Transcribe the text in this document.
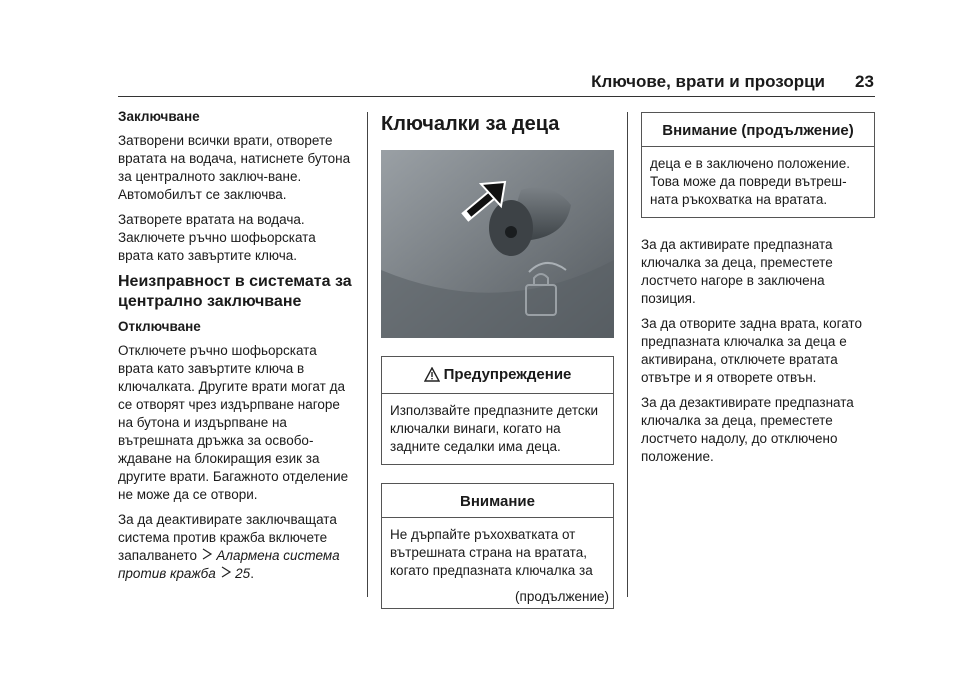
Ключове, врати и прозорци 23
Заключване

Затворени всички врати, отворете вратата на водача, натиснете бутона за централното заключ-ване. Автомобилът се заключва.

Затворете вратата на водача. Заключете ръчно шофьорската врата като завъртите ключа.

Неизправност в системата за централно заключване
Отключване

Отключете ръчно шофьорската врата като завъртите ключа в ключалката. Другите врати могат да се отворят чрез издърпване нагоре на бутона и издърпване на вътрешната дръжка за освобо-ждаване на блокиращия език за другите врати. Багажното отделение не може да се отвори.

За да деактивирате заключващата система против кражба включете запалването Алармена система против кражба 25.

Ключалки за деца
Предупреждение
Използвайте предпазните детски ключалки винаги, когато на задните седалки има деца.
Внимание
Не дърпайте ръхохватката от вътрешната страна на вратата, когато предпазната ключалка за
(продължение)
Внимание (продължение)
деца е в заключено положение. Това може да повреди вътреш-ната ръкохватка на вратата.

За да активирате предпазната ключалка за деца, преместете лостчето нагоре в заключена позиция.

За да отворите задна врата, когато предпазната ключалка за деца е активирана, отключете вратата отвътре и я отворете отвън.

За да дезактивирате предпазната ключалка за деца, преместете лостчето надолу, до отключено положение.
